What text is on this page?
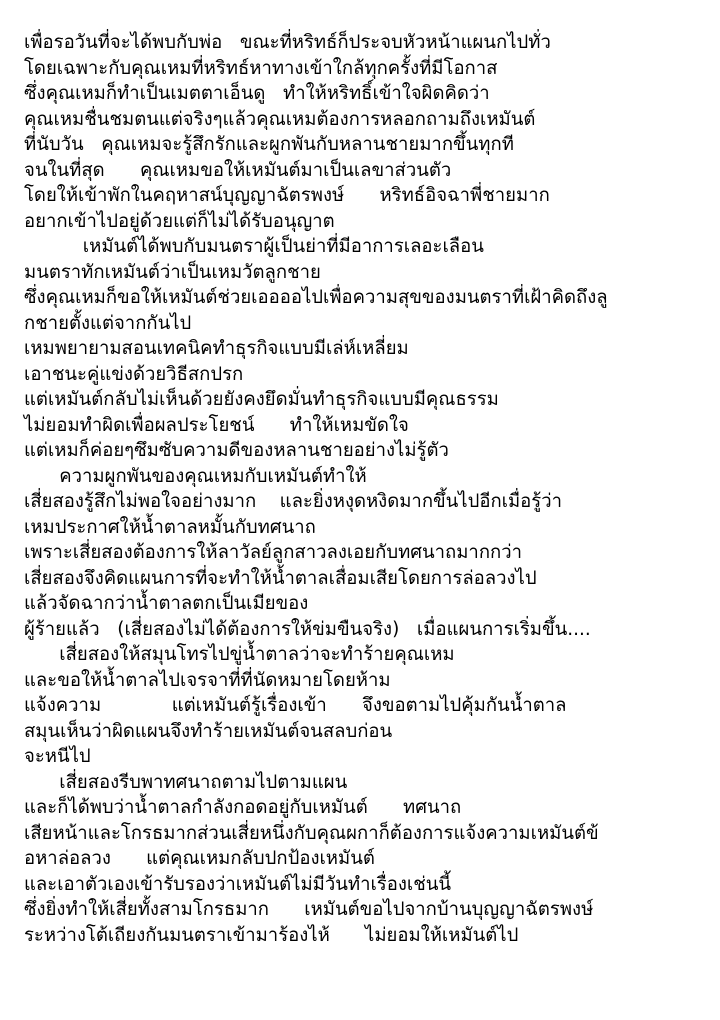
เพื่อรอวันที่จะได้พบกับพ่อ   ขณะที่หริทธ์ก็ประจบหัวหน้าแผนกไปทั่ว
โดยเฉพาะกับคุณเหมที่หริทธ์หาทางเข้าใกล้ทุกครั้งที่มีโอกาส
ซึ่งคุณเหมก็ทำเป็นเมตตาเอ็นดู   ทำให้หริทธิ์เข้าใจผิดคิดว่า
คุณเหมชื่นชมตนแต่จริงๆแล้วคุณเหมต้องการหลอกถามถึงเหมันต์
ที่นับวัน   คุณเหมจะรู้สึกรักและผูกพันกับหลานชายมากขึ้นทุกที
จนในที่สุด      คุณเหมขอให้เหมันต์มาเป็นเลขาส่วนตัว
โดยให้เข้าพักในคฤหาสน์บุญญาฉัตรพงษ์      หริทธ์อิจฉาพี่ชายมาก
อยากเข้าไปอยู่ด้วยแต่ก็ไม่ได้รับอนุญาต
เหมันต์ได้พบกับมนตราผู้เป็นย่าที่มีอาการเลอะเลือน
มนตราทักเหมันต์ว่าเป็นเหมวัตลูกชาย
ซึ่งคุณเหมก็ขอให้เหมันต์ช่วยเออออไปเพื่อความสุขของมนตราที่เฝ้าคิดถึงลู
กชายตั้งแต่จากกันไป
เหมพยายามสอนเทคนิคทำธุรกิจแบบมีเล่ห์เหลี่ยม
เอาชนะคู่แข่งด้วยวิธีสกปรก
แต่เหมันต์กลับไม่เห็นด้วยยังคงยึดมั่นทำธุรกิจแบบมีคุณธรรม
ไม่ยอมทำผิดเพื่อผลประโยชน์      ทำให้เหมขัดใจ
แต่เหมก็ค่อยๆซึมซับความดีของหลานชายอย่างไม่รู้ตัว
ความผูกพันของคุณเหมกับเหมันต์ทำให้
เสี่ยสองรู้สึกไม่พอใจอย่างมาก    และยิ่งหงุดหงิดมากขึ้นไปอีกเมื่อรู้ว่า
เหมประกาศให้น้ำตาลหมั้นกับทศนาถ
เพราะเสี่ยสองต้องการให้ลาวัลย์ลูกสาวลงเอยกับทศนาถมากกว่า
เสี่ยสองจึงคิดแผนการที่จะทำให้น้ำตาลเสื่อมเสียโดยการล่อลวงไป
แล้วจัดฉากว่าน้ำตาลตกเป็นเมียของ
ผู้ร้ายแล้ว   (เสี่ยสองไม่ได้ต้องการให้ข่มขืนจริง)   เมื่อแผนการเริ่มขึ้น....
เสี่ยสองให้สมุนโทรไปขู่น้ำตาลว่าจะทำร้ายคุณเหม
และขอให้น้ำตาลไปเจรจาที่ที่นัดหมายโดยห้าม
แจ้งความ            แต่เหมันต์รู้เรื่องเข้า      จึงขอตามไปคุ้มกันน้ำตาล
สมุนเห็นว่าผิดแผนจึงทำร้ายเหมันต์จนสลบก่อน
จะหนีไป
เสี่ยสองรีบพาทศนาถตามไปตามแผน
และก็ได้พบว่าน้ำตาลกำลังกอดอยู่กับเหมันต์      ทศนาถ
เสียหน้าและโกรธมากส่วนเสี่ยหนึ่งกับคุณผกาก็ต้องการแจ้งความเหมันต์ข้
อหาล่อลวง      แต่คุณเหมกลับปกป้องเหมันต์
และเอาตัวเองเข้ารับรองว่าเหมันต์ไม่มีวันทำเรื่องเช่นนี้
ซึ่งยิ่งทำให้เสี่ยทั้งสามโกรธมาก      เหมันต์ขอไปจากบ้านบุญญาฉัตรพงษ์
ระหว่างโต้เถียงกันมนตราเข้ามาร้องไห้      ไม่ยอมให้เหมันต์ไป
